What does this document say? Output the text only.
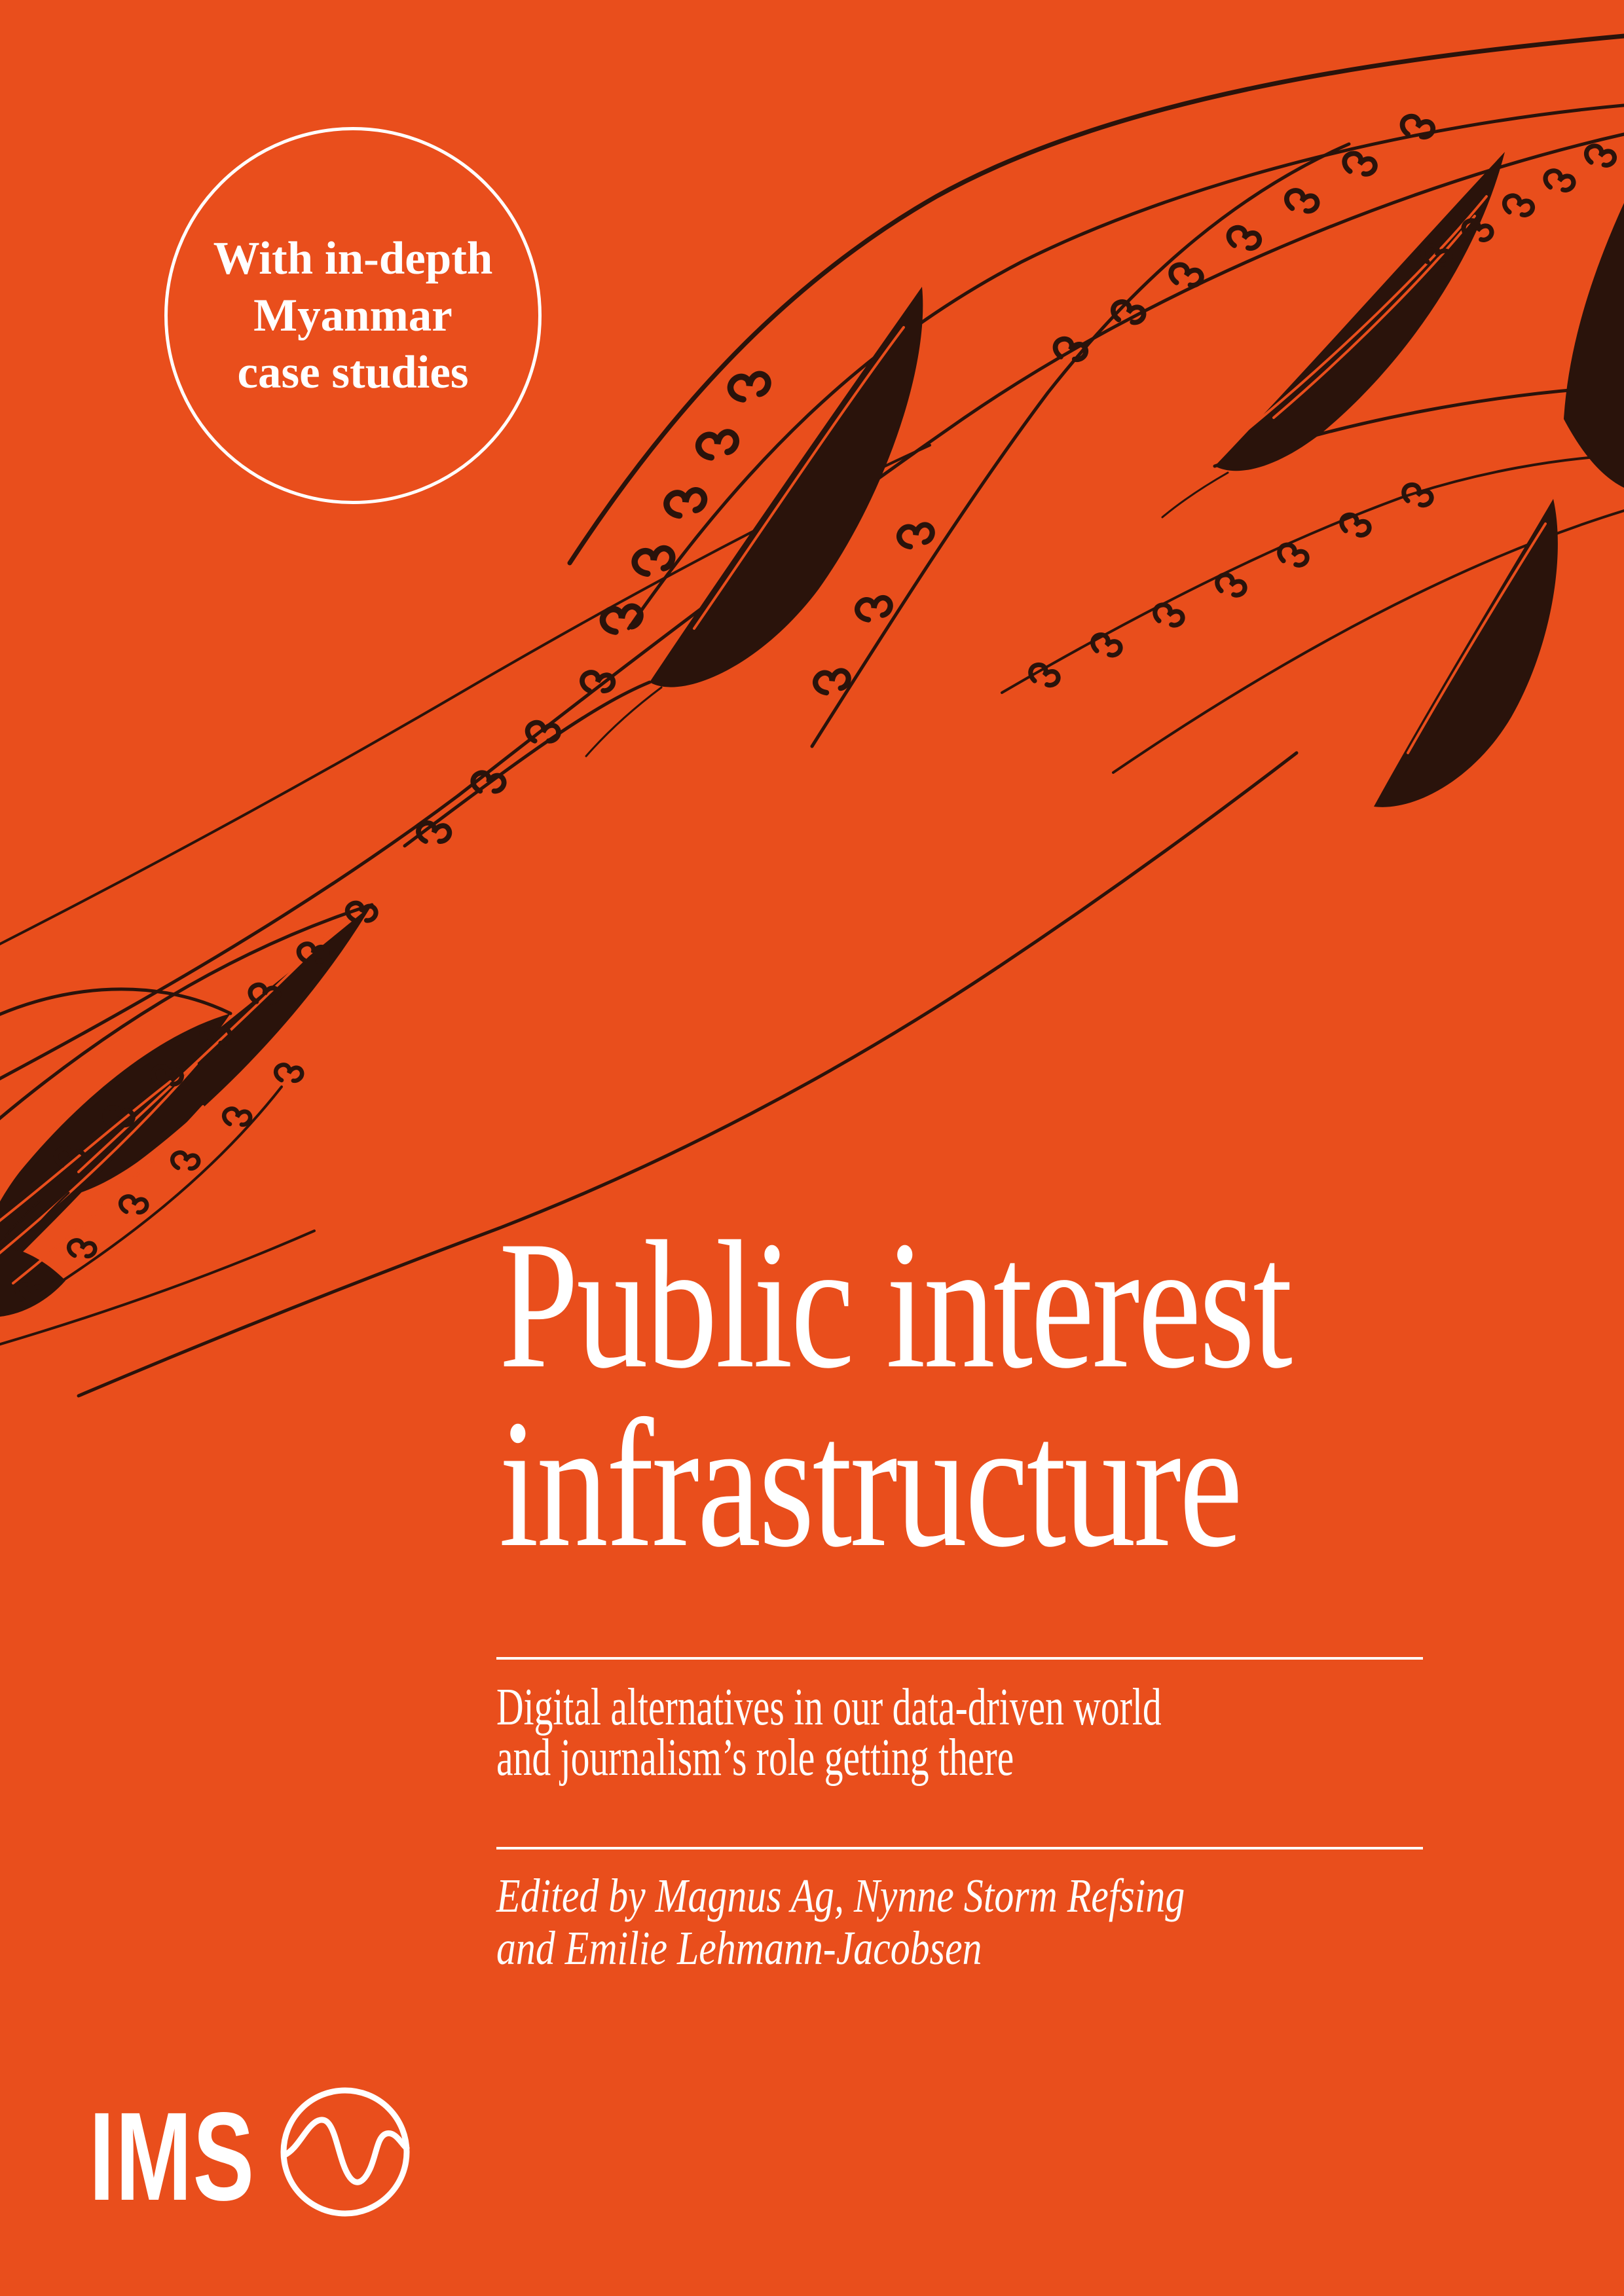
With in-depth
Myanmar
case studies
Public interest
infrastructure
Digital alternatives in our data-driven world
and journalism’s role getting there
Edited by Magnus Ag, Nynne Storm Refsing
and Emilie Lehmann-Jacobsen
IMS
